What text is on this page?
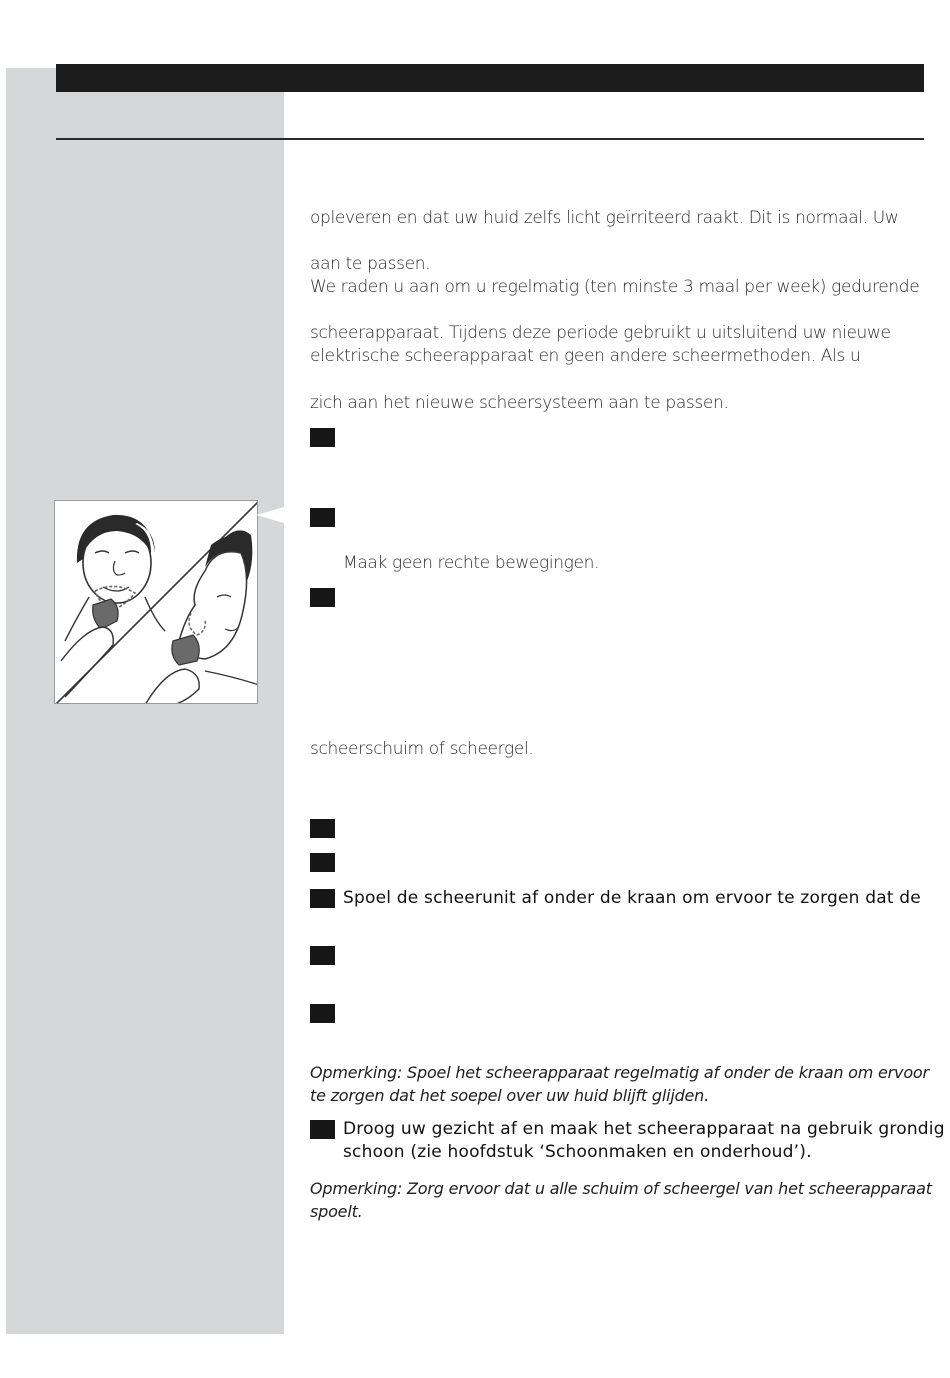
opleveren en dat uw huid zelfs licht geïrriteerd raakt. Dit is normaal. Uw

aan te passen.

We raden u aan om u regelmatig (ten minste 3 maal per week) gedurende

scheerapparaat. Tijdens deze periode gebruikt u uitsluitend uw nieuwe

elektrische scheerapparaat en geen andere scheermethoden. Als u

zich aan het nieuwe scheersysteem aan te passen.

Maak geen rechte bewegingen.

scheerschuim of scheergel.

Spoel de scheerunit af onder de kraan om ervoor te zorgen dat de

Opmerking: Spoel het scheerapparaat regelmatig af onder de kraan om ervoor

te zorgen dat het soepel over uw huid blijft glijden.

Droog uw gezicht af en maak het scheerapparaat na gebruik grondig

schoon (zie hoofdstuk ‘Schoonmaken en onderhoud’).

Opmerking: Zorg ervoor dat u alle schuim of scheergel van het scheerapparaat

spoelt.
